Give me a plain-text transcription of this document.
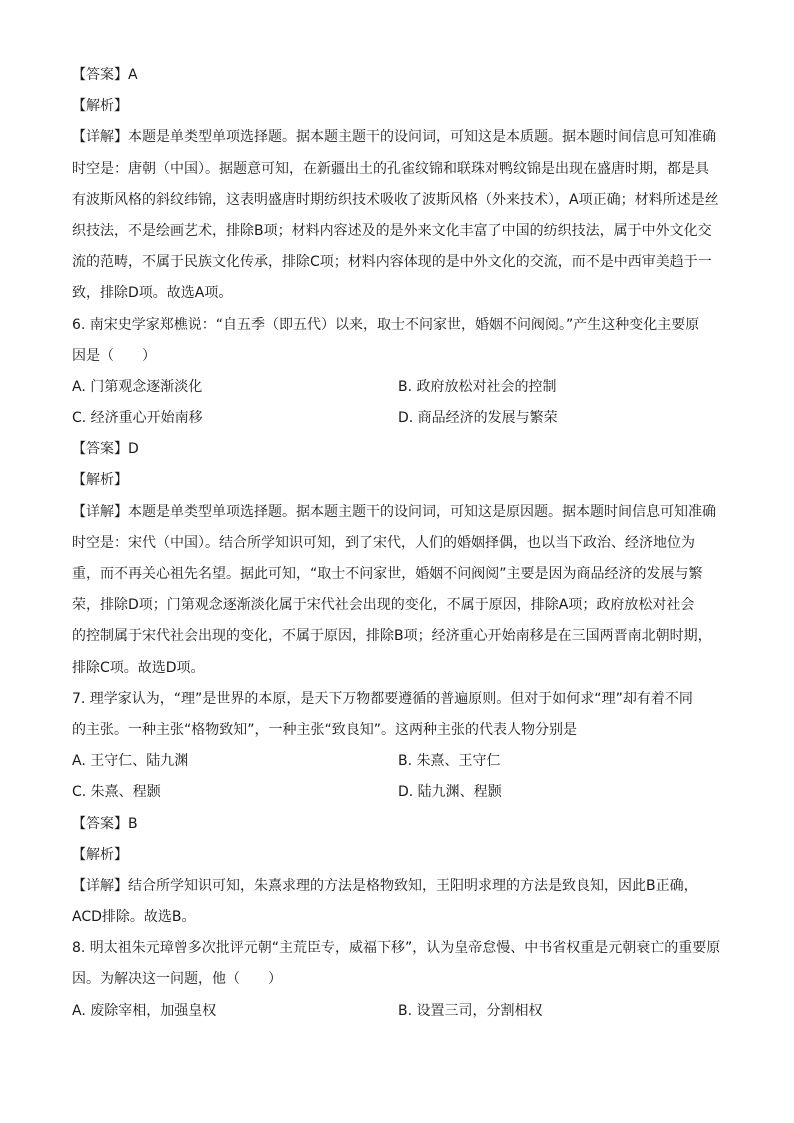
【答案】A
【解析】
【详解】本题是单类型单项选择题。据本题主题干的设问词，可知这是本质题。据本题时间信息可知准确
时空是：唐朝（中国）。据题意可知，在新疆出土的孔雀纹锦和联珠对鸭纹锦是出现在盛唐时期，都是具
有波斯风格的斜纹纬锦，这表明盛唐时期纺织技术吸收了波斯风格（外来技术），A项正确；材料所述是丝
织技法，不是绘画艺术，排除B项；材料内容述及的是外来文化丰富了中国的纺织技法，属于中外文化交
流的范畴，不属于民族文化传承，排除C项；材料内容体现的是中外文化的交流，而不是中西审美趋于一
致，排除D项。故选A项。
6. 南宋史学家郑樵说：“自五季（即五代）以来，取士不问家世，婚姻不问阀阅。”产生这种变化主要原
因是（　　）
A. 门第观念逐渐淡化	B. 政府放松对社会的控制
C. 经济重心开始南移	D. 商品经济的发展与繁荣
【答案】D
【解析】
【详解】本题是单类型单项选择题。据本题主题干的设问词，可知这是原因题。据本题时间信息可知准确
时空是：宋代（中国）。结合所学知识可知，到了宋代，人们的婚姻择偶，也以当下政治、经济地位为
重，而不再关心祖先名望。据此可知，“取士不问家世，婚姻不问阀阅”主要是因为商品经济的发展与繁
荣，排除D项；门第观念逐渐淡化属于宋代社会出现的变化，不属于原因，排除A项；政府放松对社会
的控制属于宋代社会出现的变化，不属于原因，排除B项；经济重心开始南移是在三国两晋南北朝时期，
排除C项。故选D项。
7. 理学家认为，“理”是世界的本原，是天下万物都要遵循的普遍原则。但对于如何求“理”却有着不同
的主张。一种主张“格物致知”，一种主张“致良知”。这两种主张的代表人物分别是
A. 王守仁、陆九渊	B. 朱熹、王守仁
C. 朱熹、程颢	D. 陆九渊、程颢
【答案】B
【解析】
【详解】结合所学知识可知，朱熹求理的方法是格物致知，王阳明求理的方法是致良知，因此B正确，
ACD排除。故选B。
8. 明太祖朱元璋曾多次批评元朝“主荒臣专，威福下移”，认为皇帝怠慢、中书省权重是元朝衰亡的重要原
因。为解决这一问题，他（　　）
A. 废除宰相，加强皇权	B. 设置三司，分割相权
